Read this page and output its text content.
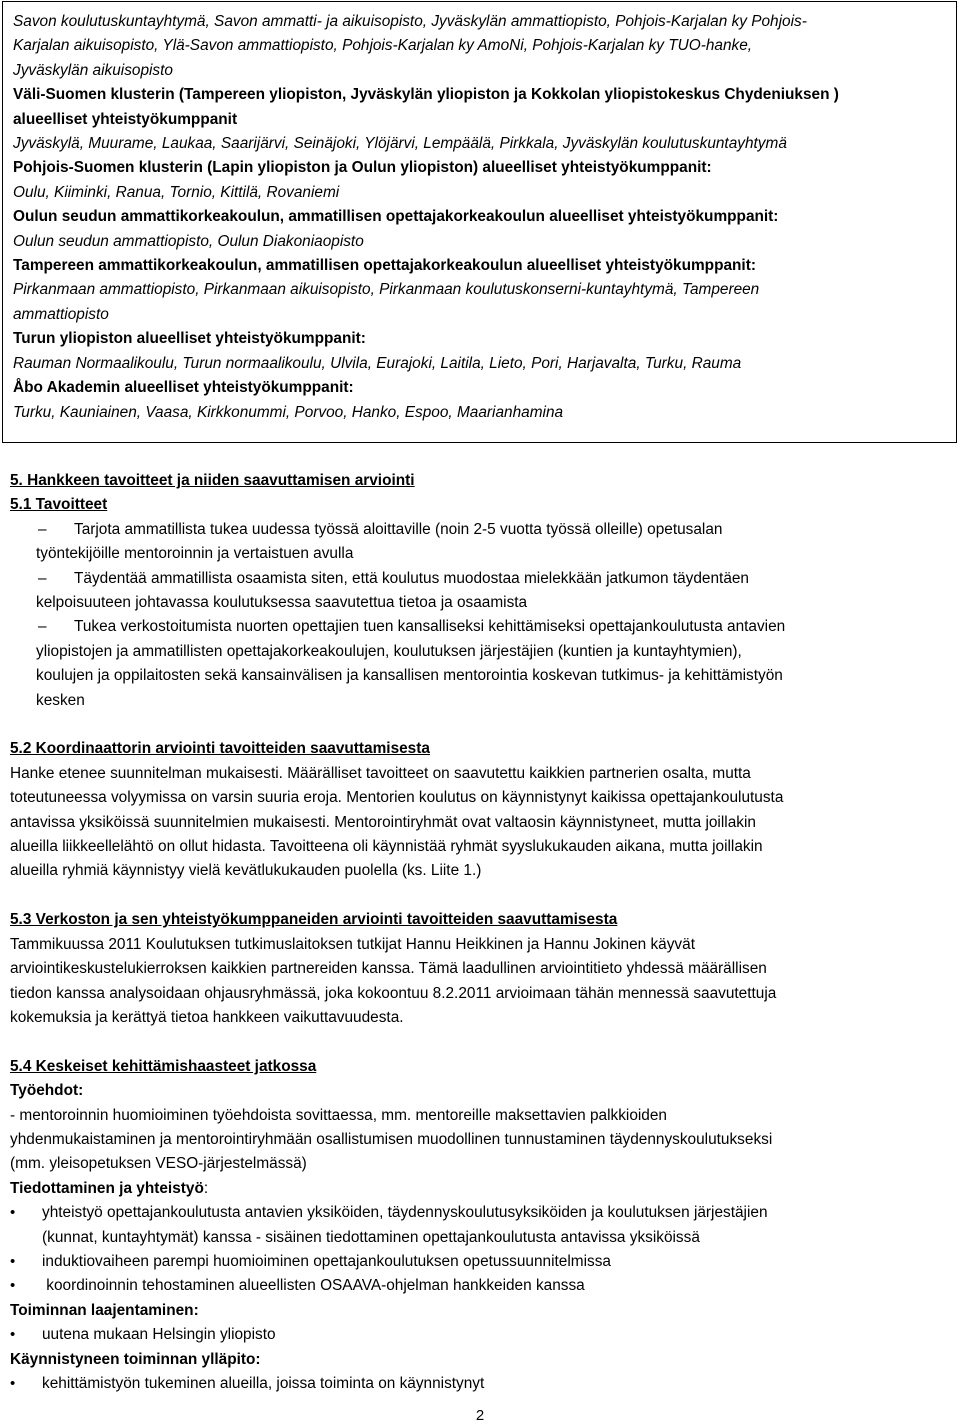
Savon koulutuskuntayhtymä, Savon ammatti- ja aikuisopisto, Jyväskylän ammattiopisto, Pohjois-Karjalan ky Pohjois-
Karjalan aikuisopisto, Ylä-Savon ammattiopisto, Pohjois-Karjalan ky AmoNi, Pohjois-Karjalan ky TUO-hanke,
Jyväskylän aikuisopisto
Väli-Suomen klusterin (Tampereen yliopiston, Jyväskylän yliopiston ja Kokkolan yliopistokeskus Chydeniuksen )
alueelliset yhteistyökumppanit
Jyväskylä, Muurame, Laukaa, Saarijärvi, Seinäjoki, Ylöjärvi, Lempäälä, Pirkkala, Jyväskylän koulutuskuntayhtymä
Pohjois-Suomen klusterin (Lapin yliopiston ja Oulun yliopiston) alueelliset yhteistyökumppanit:
Oulu, Kiiminki, Ranua, Tornio, Kittilä, Rovaniemi
Oulun seudun ammattikorkeakoulun, ammatillisen opettajakorkeakoulun alueelliset yhteistyökumppanit:
Oulun seudun ammattiopisto, Oulun Diakoniaopisto
Tampereen ammattikorkeakoulun, ammatillisen opettajakorkeakoulun alueelliset yhteistyökumppanit:
Pirkanmaan ammattiopisto, Pirkanmaan aikuisopisto, Pirkanmaan koulutuskonserni-kuntayhtymä, Tampereen
ammattiopisto
Turun yliopiston alueelliset yhteistyökumppanit:
Rauman Normaalikoulu, Turun normaalikoulu, Ulvila, Eurajoki, Laitila, Lieto, Pori, Harjavalta, Turku, Rauma
Åbo Akademin alueelliset yhteistyökumppanit:
Turku, Kauniainen, Vaasa, Kirkkonummi, Porvoo, Hanko, Espoo, Maarianhamina
5. Hankkeen tavoitteet ja niiden saavuttamisen arviointi
5.1 Tavoitteet
–	Tarjota ammatillista tukea uudessa työssä aloittaville (noin 2-5 vuotta työssä olleille) opetusalan
työntekijöille mentoroinnin ja vertaistuen avulla
–	Täydentää ammatillista osaamista siten, että koulutus muodostaa mielekkään jatkumon täydentäen
kelpoisuuteen johtavassa koulutuksessa saavutettua tietoa ja osaamista
–	Tukea verkostoitumista nuorten opettajien tuen kansalliseksi kehittämiseksi opettajankoulutusta antavien
yliopistojen ja ammatillisten opettajakorkeakoulujen, koulutuksen järjestäjien (kuntien ja kuntayhtymien),
koulujen ja oppilaitosten sekä kansainvälisen ja kansallisen mentorointia koskevan tutkimus- ja kehittämistyön
kesken
5.2 Koordinaattorin arviointi tavoitteiden saavuttamisesta
Hanke etenee suunnitelman mukaisesti. Määrälliset tavoitteet on saavutettu kaikkien partnerien osalta, mutta
toteutuneessa volyymissa on varsin suuria eroja. Mentorien koulutus on käynnistynyt kaikissa opettajankoulutusta
antavissa yksiköissä suunnitelmien mukaisesti. Mentorointiryhmät ovat valtaosin käynnistyneet, mutta joillakin
alueilla liikkeellelähtö on ollut hidasta. Tavoitteena oli käynnistää ryhmät syyslukukauden aikana, mutta joillakin
alueilla ryhmiä käynnistyy vielä kevätlukukauden puolella (ks. Liite 1.)
5.3 Verkoston ja sen yhteistyökumppaneiden arviointi tavoitteiden saavuttamisesta
Tammikuussa 2011 Koulutuksen tutkimuslaitoksen tutkijat Hannu Heikkinen ja Hannu Jokinen käyvät
arviointikeskustelukierroksen kaikkien partnereiden kanssa. Tämä laadullinen arviointitieto yhdessä määrällisen
tiedon kanssa analysoidaan ohjausryhmässä, joka kokoontuu 8.2.2011 arvioimaan tähän mennessä saavutettuja
kokemuksia ja kerättyä tietoa hankkeen vaikuttavuudesta.
5.4 Keskeiset kehittämishaasteet jatkossa
Työehdot:
- mentoroinnin huomioiminen työehdoista sovittaessa, mm. mentoreille maksettavien palkkioiden
yhdenmukaistaminen ja mentorointiryhmään osallistumisen muodollinen tunnustaminen täydennyskoulutukseksi
(mm. yleisopetuksen VESO-järjestelmässä)
Tiedottaminen ja yhteistyö:
•	yhteistyö opettajankoulutusta antavien yksiköiden, täydennyskoulutusyksiköiden ja koulutuksen järjestäjien
(kunnat, kuntayhtymät) kanssa - sisäinen tiedottaminen opettajankoulutusta antavissa yksiköissä
•	induktiovaiheen parempi huomioiminen opettajankoulutuksen opetussuunnitelmissa
•	koordinoinnin tehostaminen alueellisten OSAAVA-ohjelman hankkeiden kanssa
Toiminnan laajentaminen:
•	uutena mukaan Helsingin yliopisto
Käynnistyneen toiminnan ylläpito:
•	kehittämistyön tukeminen alueilla, joissa toiminta on käynnistynyt
2
